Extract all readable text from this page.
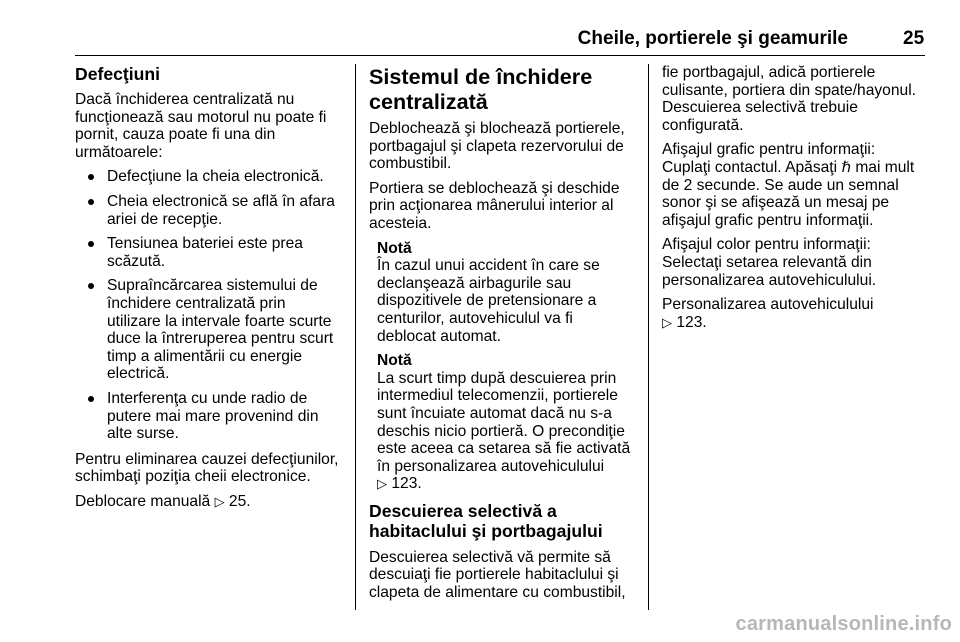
Cheile, portierele şi geamurile	25
Defecţiuni

Dacă închiderea centralizată nu funcţionează sau motorul nu poate fi pornit, cauza poate fi una din următoarele:

Defecţiune la cheia electronică.
Cheia electronică se află în afara ariei de recepţie.
Tensiunea bateriei este prea scăzută.
Supraîncărcarea sistemului de închidere centralizată prin utilizare la intervale foarte scurte duce la întreruperea pentru scurt timp a alimentării cu energie electrică.
Interferenţa cu unde radio de putere mai mare provenind din alte surse.

Pentru eliminarea cauzei defecţiunilor, schimbaţi poziţia cheii electronice.

Deblocare manuală ▷ 25.

Sistemul de închidere centralizată

Deblochează şi blochează portierele, portbagajul şi clapeta rezervorului de combustibil.

Portiera se deblochează şi deschide prin acţionarea mânerului interior al acesteia.

Notă
În cazul unui accident în care se declanşează airbagurile sau dispozitivele de pretensionare a centurilor, autovehiculul va fi deblocat automat.
Notă
La scurt timp după descuierea prin intermediul telecomenzii, portierele sunt încuiate automat dacă nu s-a deschis nicio portieră. O precondiţie este aceea ca setarea să fie activată în personalizarea autovehiculului
▷ 123.
Descuierea selectivă a habitaclului şi portbagajului

Descuierea selectivă vă permite să descuiaţi fie portierele habitaclului şi clapeta de alimentare cu combustibil,

fie portbagajul, adică portierele culisante, portiera din spate/hayonul. Descuierea selectivă trebuie configurată.

Afişajul grafic pentru informaţii:
Cuplaţi contactul. Apăsaţi ℏ mai mult de 2 secunde. Se aude un semnal sonor şi se afişează un mesaj pe afişajul grafic pentru informaţii.

Afişajul color pentru informaţii: Selectaţi setarea relevantă din personalizarea autovehiculului.

Personalizarea autovehiculului
▷ 123.

carmanualsonline.info
